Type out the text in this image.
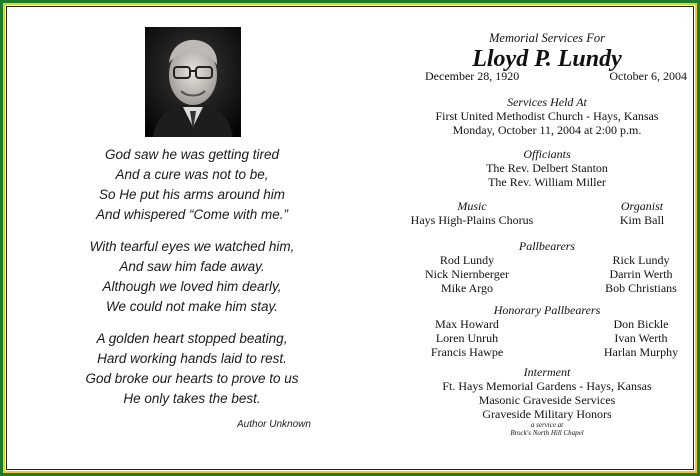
God saw he was getting tired
And a cure was not to be,
So He put his arms around him
And whispered “Come with me.”
With tearful eyes we watched him,
And saw him fade away.
Although we loved him dearly,
We could not make him stay.
A golden heart stopped beating,
Hard working hands laid to rest.
God broke our hearts to prove to us
He only takes the best.
Author Unknown
Memorial Services For
Lloyd P. Lundy
December 28, 1920	October 6, 2004
Services Held At
First United Methodist Church - Hays, Kansas
Monday, October 11, 2004 at 2:00 p.m.
Officiants
The Rev. Delbert Stanton
The Rev. William Miller
Music
Hays High-Plains Chorus
Organist
Kim Ball
Pallbearers
Rod Lundy
Nick Niernberger
Mike Argo
Rick Lundy
Darrin Werth
Bob Christians
Honorary Pallbearers
Max Howard
Loren Unruh
Francis Hawpe
Don Bickle
Ivan Werth
Harlan Murphy
Interment
Ft. Hays Memorial Gardens - Hays, Kansas
Masonic Graveside Services
Graveside Military Honors
a service at
Brock's North Hill Chapel
